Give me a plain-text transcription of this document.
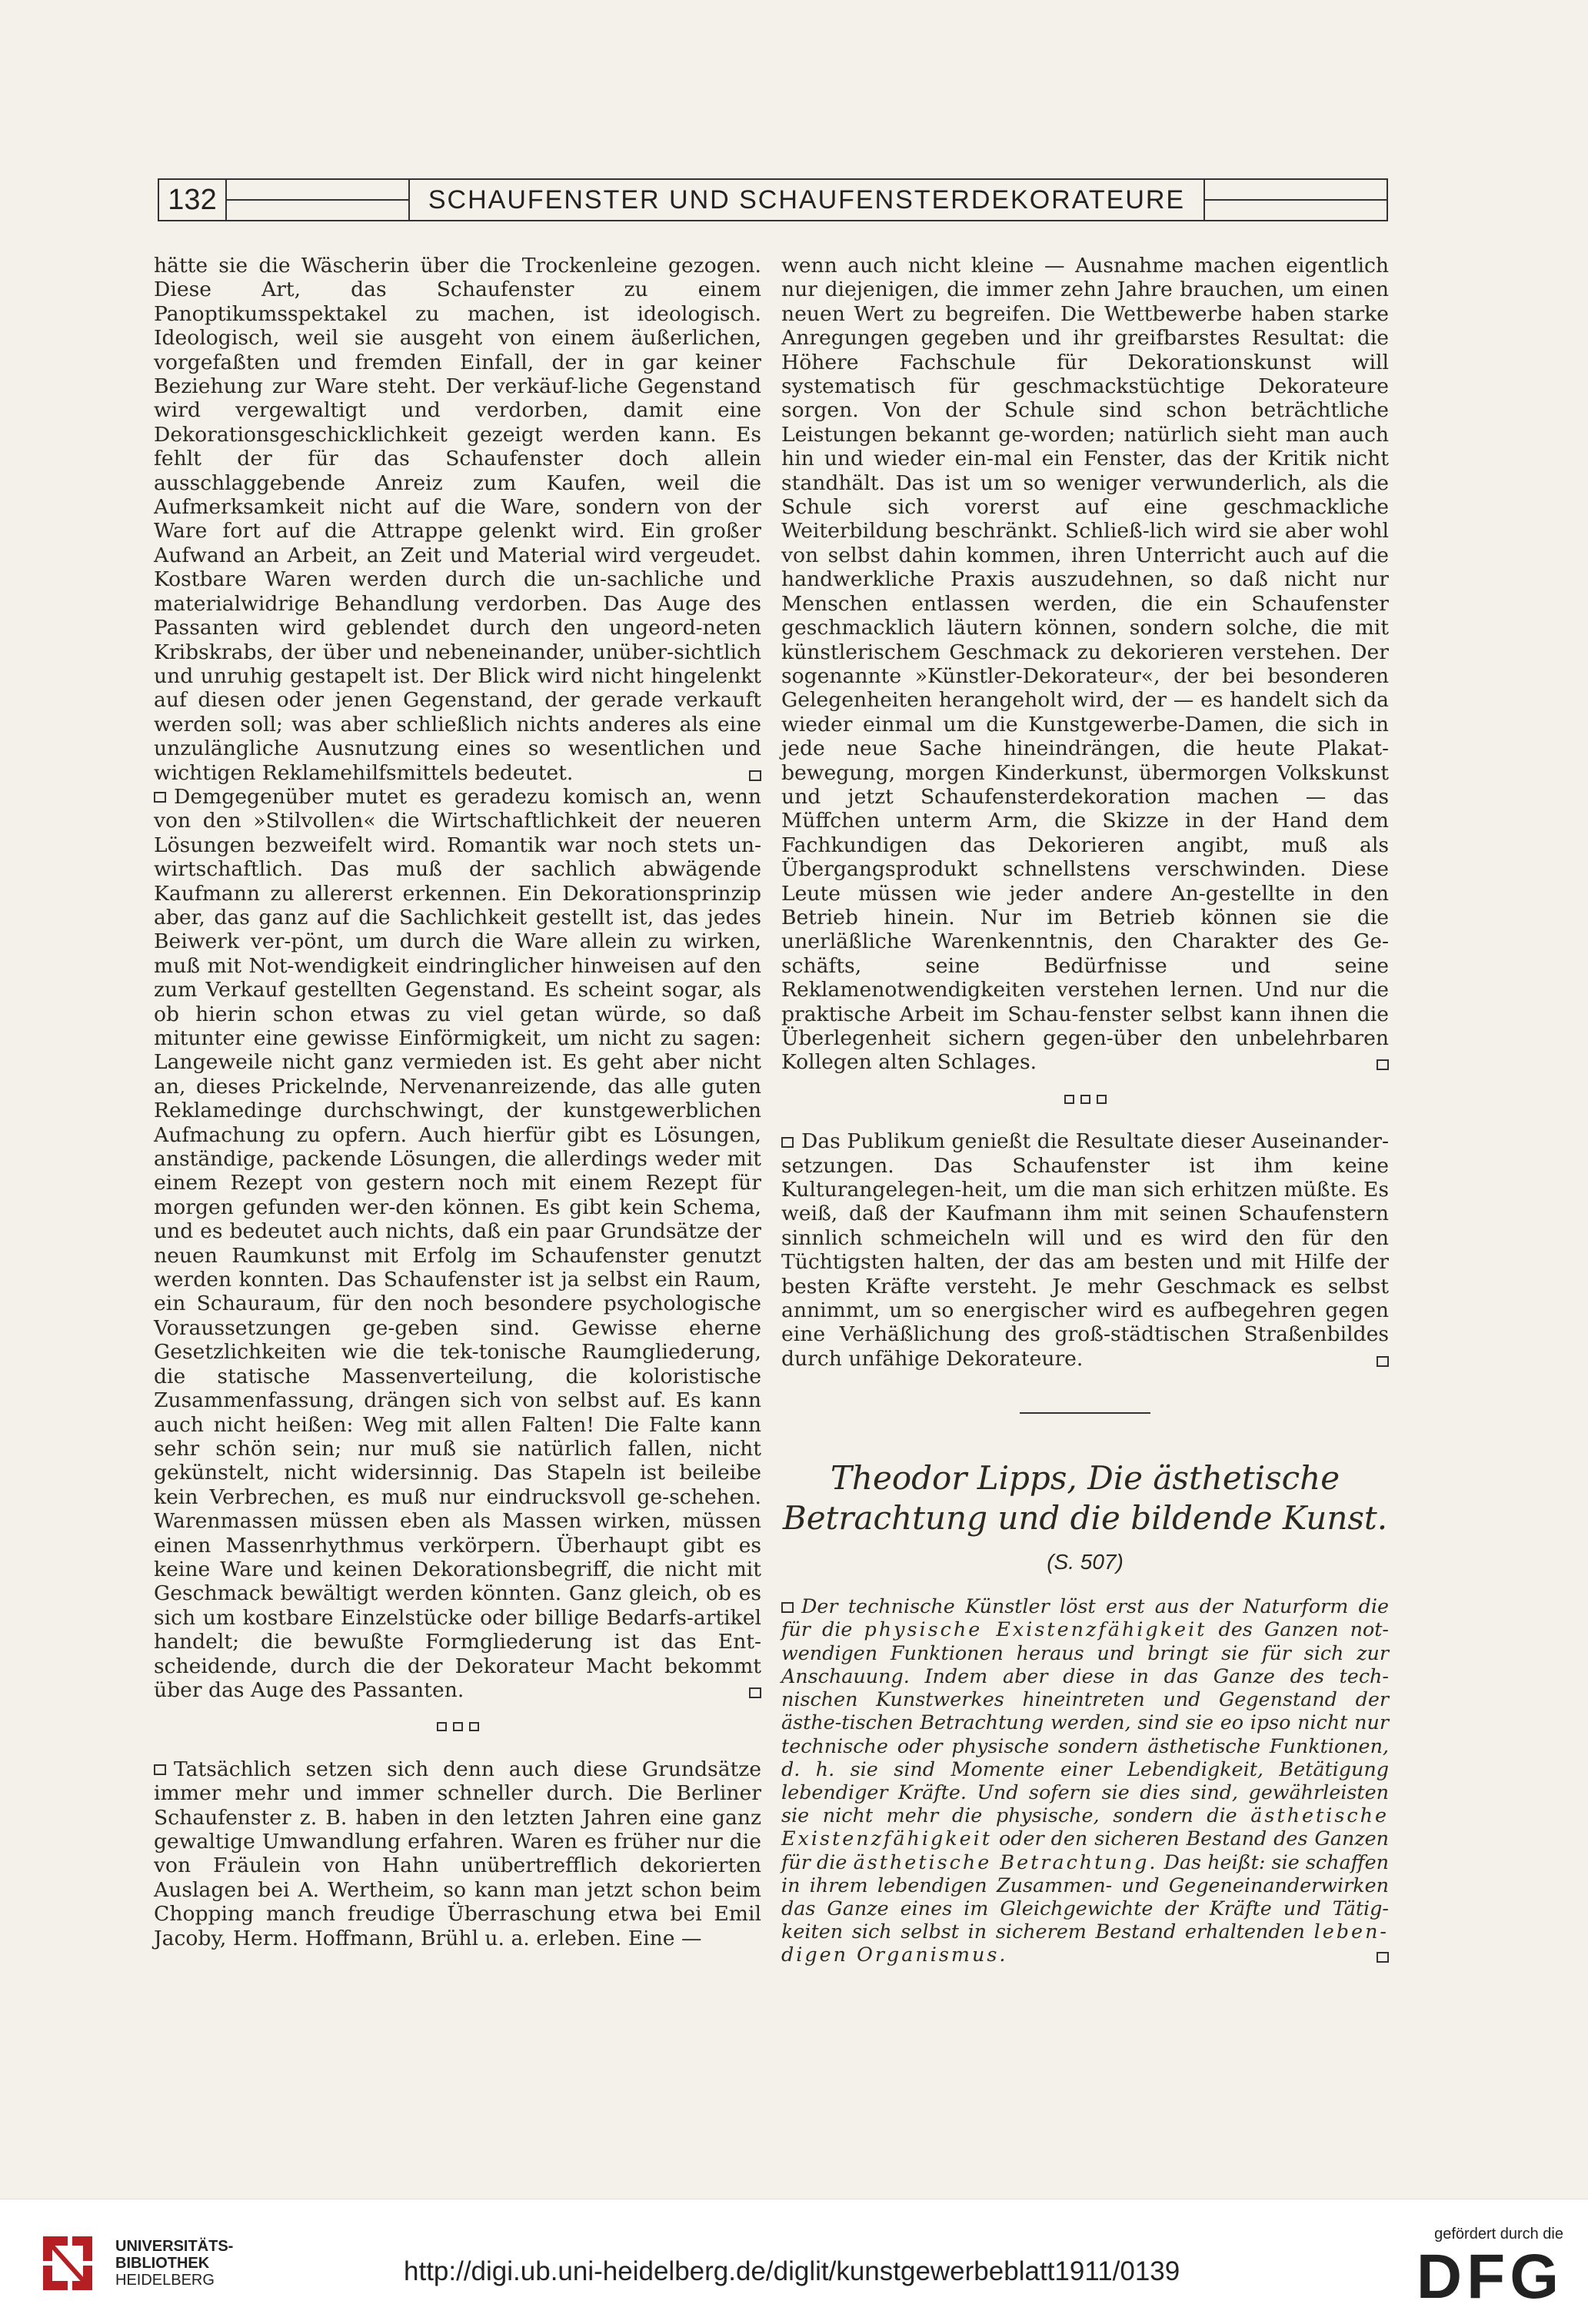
132	SCHAUFENSTER UND SCHAUFENSTERDEKORATEURE

hätte sie die Wäscherin über die Trockenleine gezogen. Diese Art, das Schaufenster zu einem Panoptikumsspektakel zu machen, ist ideologisch. Ideologisch, weil sie ausgeht von einem äußerlichen, vorgefaßten und fremden Einfall, der in gar keiner Beziehung zur Ware steht. Der verkäuf-liche Gegenstand wird vergewaltigt und verdorben, damit eine Dekorationsgeschicklichkeit gezeigt werden kann. Es fehlt der für das Schaufenster doch allein ausschlaggebende Anreiz zum Kaufen, weil die Aufmerksamkeit nicht auf die Ware, sondern von der Ware fort auf die Attrappe gelenkt wird. Ein großer Aufwand an Arbeit, an Zeit und Material wird vergeudet. Kostbare Waren werden durch die un-sachliche und materialwidrige Behandlung verdorben. Das Auge des Passanten wird geblendet durch den ungeord-neten Kribskrabs, der über und nebeneinander, unüber-sichtlich und unruhig gestapelt ist. Der Blick wird nicht hingelenkt auf diesen oder jenen Gegenstand, der gerade verkauft werden soll; was aber schließlich nichts anderes als eine unzulängliche Ausnutzung eines so wesentlichen und wichtigen Reklamehilfsmittels bedeutet.

Demgegenüber mutet es geradezu komisch an, wenn von den »Stilvollen« die Wirtschaftlichkeit der neueren Lösungen bezweifelt wird. Romantik war noch stets un-wirtschaftlich. Das muß der sachlich abwägende Kaufmann zu allererst erkennen. Ein Dekorationsprinzip aber, das ganz auf die Sachlichkeit gestellt ist, das jedes Beiwerk ver-pönt, um durch die Ware allein zu wirken, muß mit Not-wendigkeit eindringlicher hinweisen auf den zum Verkauf gestellten Gegenstand. Es scheint sogar, als ob hierin schon etwas zu viel getan würde, so daß mitunter eine gewisse Einförmigkeit, um nicht zu sagen: Langeweile nicht ganz vermieden ist. Es geht aber nicht an, dieses Prickelnde, Nervenanreizende, das alle guten Reklamedinge durchschwingt, der kunstgewerblichen Aufmachung zu opfern. Auch hierfür gibt es Lösungen, anständige, packende Lösungen, die allerdings weder mit einem Rezept von gestern noch mit einem Rezept für morgen gefunden wer-den können. Es gibt kein Schema, und es bedeutet auch nichts, daß ein paar Grundsätze der neuen Raumkunst mit Erfolg im Schaufenster genutzt werden konnten. Das Schaufenster ist ja selbst ein Raum, ein Schauraum, für den noch besondere psychologische Voraussetzungen ge-geben sind. Gewisse eherne Gesetzlichkeiten wie die tek-tonische Raumgliederung, die statische Massenverteilung, die koloristische Zusammenfassung, drängen sich von selbst auf. Es kann auch nicht heißen: Weg mit allen Falten! Die Falte kann sehr schön sein; nur muß sie natürlich fallen, nicht gekünstelt, nicht widersinnig. Das Stapeln ist beileibe kein Verbrechen, es muß nur eindrucksvoll ge-schehen. Warenmassen müssen eben als Massen wirken, müssen einen Massenrhythmus verkörpern. Überhaupt gibt es keine Ware und keinen Dekorationsbegriff, die nicht mit Geschmack bewältigt werden könnten. Ganz gleich, ob es sich um kostbare Einzelstücke oder billige Bedarfs-artikel handelt; die bewußte Formgliederung ist das Ent-scheidende, durch die der Dekorateur Macht bekommt über das Auge des Passanten.

Tatsächlich setzen sich denn auch diese Grundsätze immer mehr und immer schneller durch. Die Berliner Schaufenster z. B. haben in den letzten Jahren eine ganz gewaltige Umwandlung erfahren. Waren es früher nur die von Fräulein von Hahn unübertrefflich dekorierten Auslagen bei A. Wertheim, so kann man jetzt schon beim Chopping manch freudige Überraschung etwa bei Emil Jacoby, Herm. Hoffmann, Brühl u. a. erleben. Eine —

wenn auch nicht kleine — Ausnahme machen eigentlich nur diejenigen, die immer zehn Jahre brauchen, um einen neuen Wert zu begreifen. Die Wettbewerbe haben starke Anregungen gegeben und ihr greifbarstes Resultat: die Höhere Fachschule für Dekorationskunst will systematisch für geschmackstüchtige Dekorateure sorgen. Von der Schule sind schon beträchtliche Leistungen bekannt ge-worden; natürlich sieht man auch hin und wieder ein-mal ein Fenster, das der Kritik nicht standhält. Das ist um so weniger verwunderlich, als die Schule sich vorerst auf eine geschmackliche Weiterbildung beschränkt. Schließ-lich wird sie aber wohl von selbst dahin kommen, ihren Unterricht auch auf die handwerkliche Praxis auszudehnen, so daß nicht nur Menschen entlassen werden, die ein Schaufenster geschmacklich läutern können, sondern solche, die mit künstlerischem Geschmack zu dekorieren verstehen. Der sogenannte »Künstler-Dekorateur«, der bei besonderen Gelegenheiten herangeholt wird, der — es handelt sich da wieder einmal um die Kunstgewerbe-Damen, die sich in jede neue Sache hineindrängen, die heute Plakat-bewegung, morgen Kinderkunst, übermorgen Volkskunst und jetzt Schaufensterdekoration machen — das Müffchen unterm Arm, die Skizze in der Hand dem Fachkundigen das Dekorieren angibt, muß als Übergangsprodukt schnellstens verschwinden. Diese Leute müssen wie jeder andere An-gestellte in den Betrieb hinein. Nur im Betrieb können sie die unerläßliche Warenkenntnis, den Charakter des Ge-schäfts, seine Bedürfnisse und seine Reklamenotwendigkeiten verstehen lernen. Und nur die praktische Arbeit im Schau-fenster selbst kann ihnen die Überlegenheit sichern gegen-über den unbelehrbaren Kollegen alten Schlages.

Das Publikum genießt die Resultate dieser Auseinander-setzungen. Das Schaufenster ist ihm keine Kulturangelegen-heit, um die man sich erhitzen müßte. Es weiß, daß der Kaufmann ihm mit seinen Schaufenstern sinnlich schmeicheln will und es wird den für den Tüchtigsten halten, der das am besten und mit Hilfe der besten Kräfte versteht. Je mehr Geschmack es selbst annimmt, um so energischer wird es aufbegehren gegen eine Verhäßlichung des groß-städtischen Straßenbildes durch unfähige Dekorateure.

Theodor Lipps, Die ästhetische Betrachtung und die bildende Kunst. (S. 507)

Der technische Künstler löst erst aus der Naturform die für die physische Existenzfähigkeit des Ganzen not-wendigen Funktionen heraus und bringt sie für sich zur Anschauung. Indem aber diese in das Ganze des tech-nischen Kunstwerkes hineintreten und Gegenstand der ästhe-tischen Betrachtung werden, sind sie eo ipso nicht nur technische oder physische sondern ästhetische Funktionen, d. h. sie sind Momente einer Lebendigkeit, Betätigung lebendiger Kräfte. Und sofern sie dies sind, gewährleisten sie nicht mehr die physische, sondern die ästhetische Existenzfähigkeit oder den sicheren Bestand des Ganzen für die ästhetische Betrachtung. Das heißt: sie schaffen in ihrem lebendigen Zusammen- und Gegeneinanderwirken das Ganze eines im Gleichgewichte der Kräfte und Tätig-keiten sich selbst in sicherem Bestand erhaltenden leben-digen Organismus.

UNIVERSITÄTS-
BIBLIOTHEK
HEIDELBERG	http://digi.ub.uni-heidelberg.de/diglit/kunstgewerbeblatt1911/0139
gefördert durch die
DFG
